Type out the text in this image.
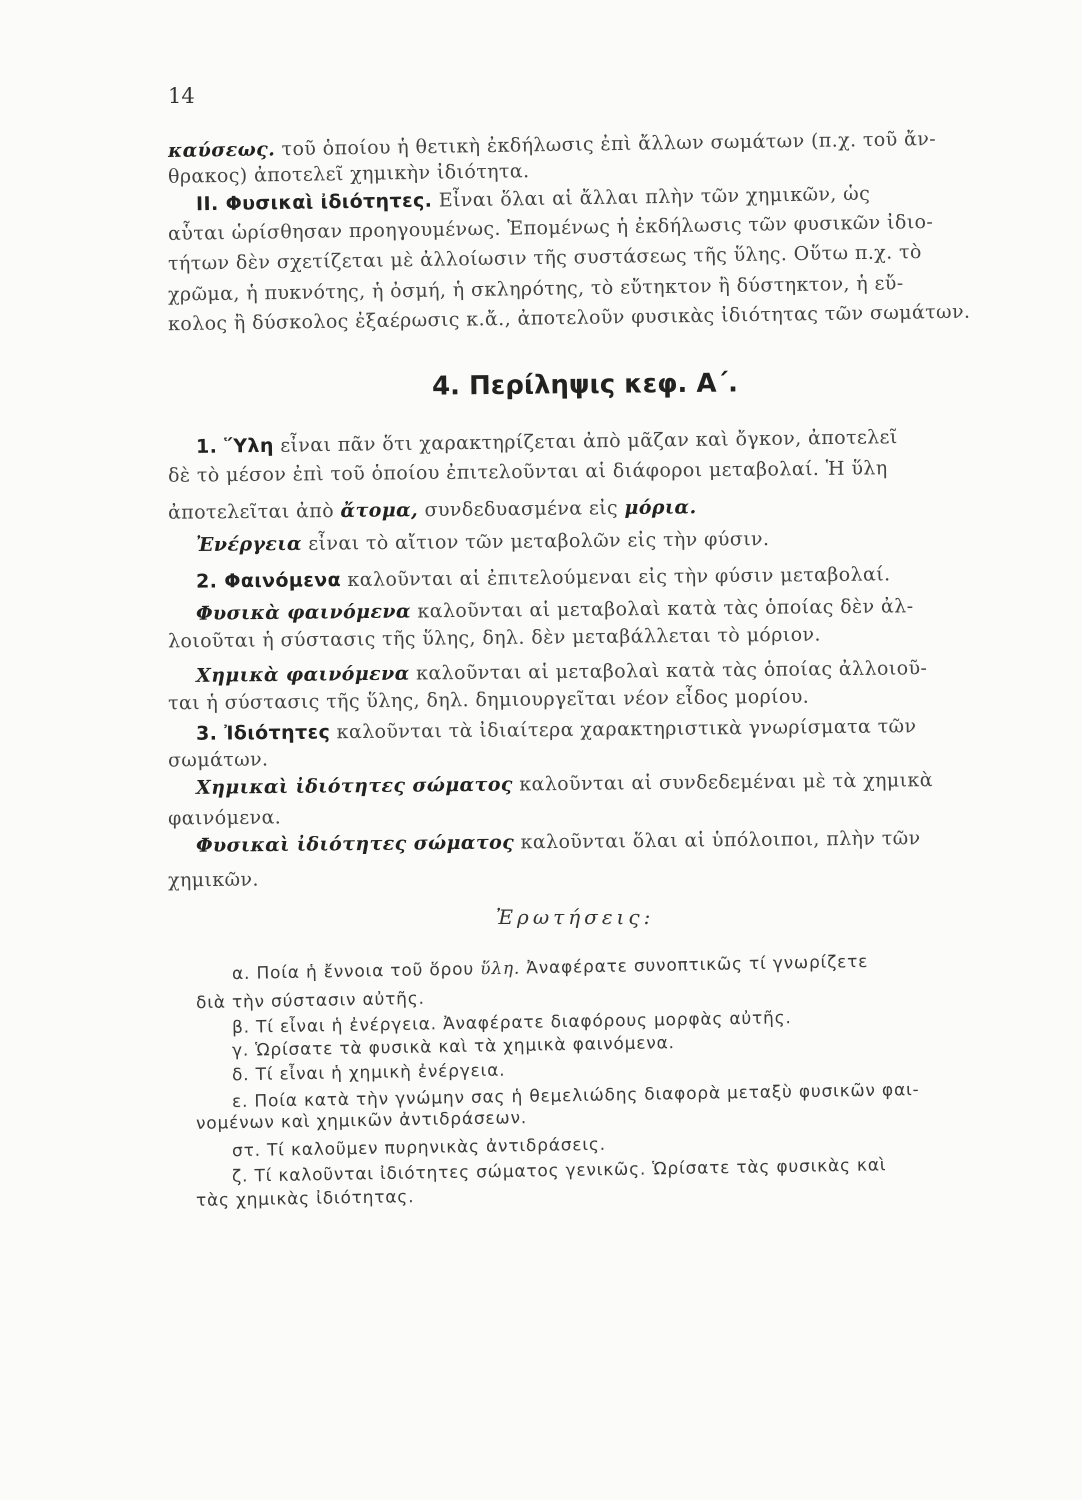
14
καύσεως. τοῦ ὁποίου ἡ θετικὴ ἐκδήλωσις ἐπὶ ἄλλων σωμάτων (π.χ. τοῦ ἄν-
θρακος) ἀποτελεῖ χημικὴν ἰδιότητα.
ΙΙ. Φυσικαὶ ἰδιότητες. Εἶναι ὅλαι αἱ ἄλλαι πλὴν τῶν χημικῶν, ὡς
αὗται ὡρίσθησαν προηγουμένως. Ἑπομένως ἡ ἐκδήλωσις τῶν φυσικῶν ἰδιο-
τήτων δὲν σχετίζεται μὲ ἀλλοίωσιν τῆς συστάσεως τῆς ὕλης. Οὕτω π.χ. τὸ
χρῶμα, ἡ πυκνότης, ἡ ὀσμή, ἡ σκληρότης, τὸ εὔτηκτον ἢ δύστηκτον, ἡ εὔ-
κολος ἢ δύσκολος ἐξαέρωσις κ.ἄ., ἀποτελοῦν φυσικὰς ἰδιότητας τῶν σωμάτων.
4. Περίληψις κεφ. Α΄.
1. Ὕλη εἶναι πᾶν ὅτι χαρακτηρίζεται ἀπὸ μᾶζαν καὶ ὄγκον, ἀποτελεῖ
δὲ τὸ μέσον ἐπὶ τοῦ ὁποίου ἐπιτελοῦνται αἱ διάφοροι μεταβολαί. Ἡ ὕλη
ἀποτελεῖται ἀπὸ ἄτομα, συνδεδυασμένα εἰς μόρια.
Ἐνέργεια εἶναι τὸ αἴτιον τῶν μεταβολῶν εἰς τὴν φύσιν.
2. Φαινόμενα καλοῦνται αἱ ἐπιτελούμεναι εἰς τὴν φύσιν μεταβολαί.
Φυσικὰ φαινόμενα καλοῦνται αἱ μεταβολαὶ κατὰ τὰς ὁποίας δὲν ἀλ-
λοιοῦται ἡ σύστασις τῆς ὕλης, δηλ. δὲν μεταβάλλεται τὸ μόριον.
Χημικὰ φαινόμενα καλοῦνται αἱ μεταβολαὶ κατὰ τὰς ὁποίας ἀλλοιοῦ-
ται ἡ σύστασις τῆς ὕλης, δηλ. δημιουργεῖται νέον εἶδος μορίου.
3. Ἰδιότητες καλοῦνται τὰ ἰδιαίτερα χαρακτηριστικὰ γνωρίσματα τῶν
σωμάτων.
Χημικαὶ ἰδιότητες σώματος καλοῦνται αἱ συνδεδεμέναι μὲ τὰ χημικὰ
φαινόμενα.
Φυσικαὶ ἰδιότητες σώματος καλοῦνται ὅλαι αἱ ὑπόλοιποι, πλὴν τῶν
χημικῶν.
Ἐρωτήσεις:
α. Ποία ἡ ἔννοια τοῦ ὅρου ὕλη. Ἀναφέρατε συνοπτικῶς τί γνωρίζετε
διὰ τὴν σύστασιν αὐτῆς.
β. Τί εἶναι ἡ ἐνέργεια. Ἀναφέρατε διαφόρους μορφὰς αὐτῆς.
γ. Ὡρίσατε τὰ φυσικὰ καὶ τὰ χημικὰ φαινόμενα.
δ. Τί εἶναι ἡ χημικὴ ἐνέργεια.
ε. Ποία κατὰ τὴν γνώμην σας ἡ θεμελιώδης διαφορὰ μεταξὺ φυσικῶν φαι-
νομένων καὶ χημικῶν ἀντιδράσεων.
στ. Τί καλοῦμεν πυρηνικὰς ἀντιδράσεις.
ζ. Τί καλοῦνται ἰδιότητες σώματος γενικῶς. Ὡρίσατε τὰς φυσικὰς καὶ
τὰς χημικὰς ἰδιότητας.
